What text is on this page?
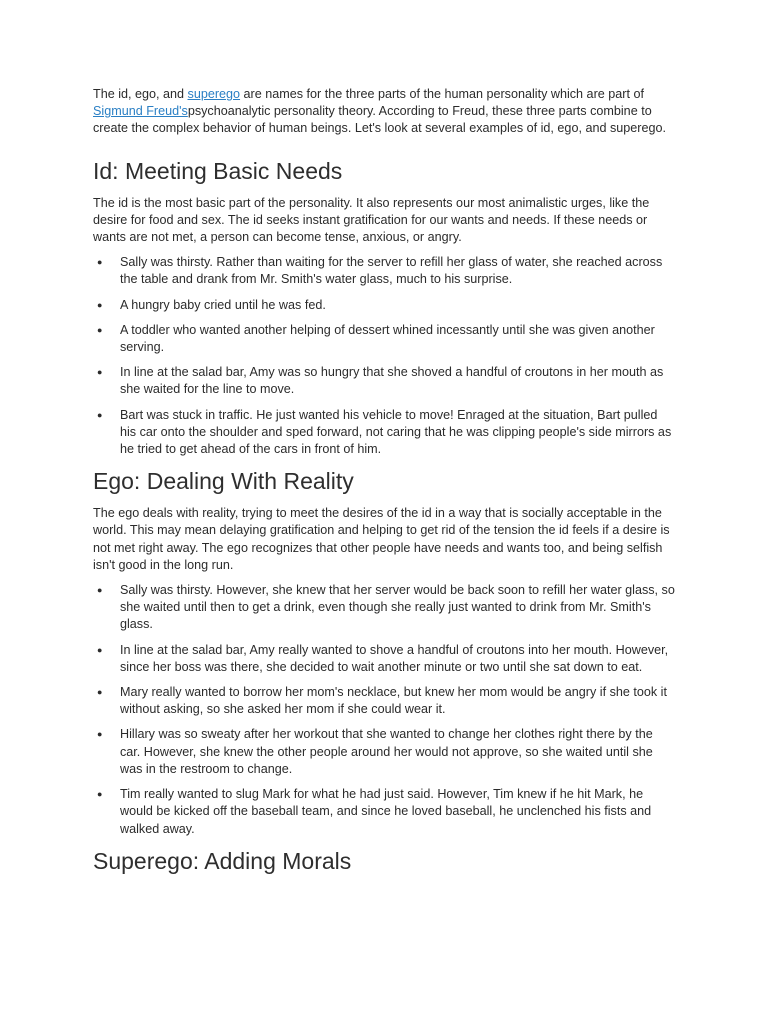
The id, ego, and superego are names for the three parts of the human personality which are part of Sigmund Freud'spsychoanalytic personality theory. According to Freud, these three parts combine to create the complex behavior of human beings. Let's look at several examples of id, ego, and superego.

Id: Meeting Basic Needs

The id is the most basic part of the personality. It also represents our most animalistic urges, like the desire for food and sex. The id seeks instant gratification for our wants and needs. If these needs or wants are not met, a person can become tense, anxious, or angry.

● Sally was thirsty. Rather than waiting for the server to refill her glass of water, she reached across the table and drank from Mr. Smith's water glass, much to his surprise.
● A hungry baby cried until he was fed.
● A toddler who wanted another helping of dessert whined incessantly until she was given another serving.
● In line at the salad bar, Amy was so hungry that she shoved a handful of croutons in her mouth as she waited for the line to move.
● Bart was stuck in traffic. He just wanted his vehicle to move! Enraged at the situation, Bart pulled his car onto the shoulder and sped forward, not caring that he was clipping people's side mirrors as he tried to get ahead of the cars in front of him.
Ego: Dealing With Reality

The ego deals with reality, trying to meet the desires of the id in a way that is socially acceptable in the world. This may mean delaying gratification and helping to get rid of the tension the id feels if a desire is not met right away. The ego recognizes that other people have needs and wants too, and being selfish isn't good in the long run.

● Sally was thirsty. However, she knew that her server would be back soon to refill her water glass, so she waited until then to get a drink, even though she really just wanted to drink from Mr. Smith's glass.
● In line at the salad bar, Amy really wanted to shove a handful of croutons into her mouth. However, since her boss was there, she decided to wait another minute or two until she sat down to eat.
● Mary really wanted to borrow her mom's necklace, but knew her mom would be angry if she took it without asking, so she asked her mom if she could wear it.
● Hillary was so sweaty after her workout that she wanted to change her clothes right there by the car. However, she knew the other people around her would not approve, so she waited until she was in the restroom to change.
● Tim really wanted to slug Mark for what he had just said. However, Tim knew if he hit Mark, he would be kicked off the baseball team, and since he loved baseball, he unclenched his fists and walked away.
Superego: Adding Morals
